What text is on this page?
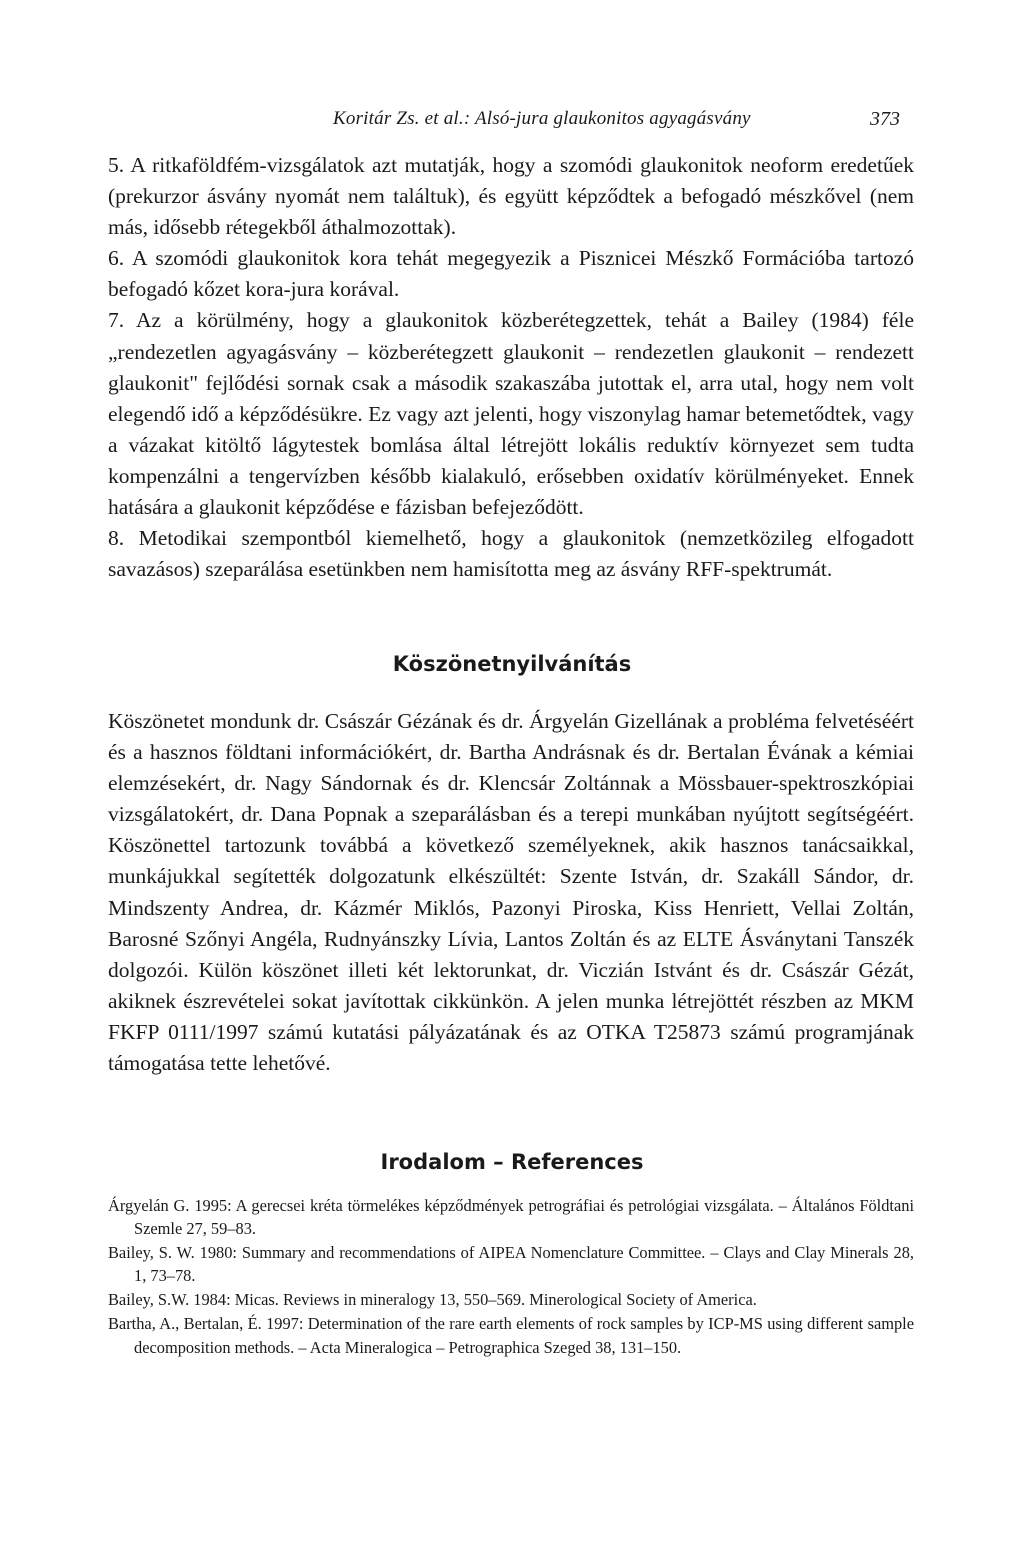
Koritár Zs. et al.: Alsó-jura glaukonitos agyagásvány	373

5. A ritkaföldfém-vizsgálatok azt mutatják, hogy a szomódi glaukonitok neoform eredetűek (prekurzor ásvány nyomát nem találtuk), és együtt képződtek a befogadó mészkővel (nem más, idősebb rétegekből áthalmozottak).

6. A szomódi glaukonitok kora tehát megegyezik a Pisznicei Mészkő Formációba tartozó befogadó kőzet kora-jura korával.

7. Az a körülmény, hogy a glaukonitok közberétegzettek, tehát a Bailey (1984) féle „rendezetlen agyagásvány – közberétegzett glaukonit – rendezetlen glaukonit – rendezett glaukonit" fejlődési sornak csak a második szakaszába jutottak el, arra utal, hogy nem volt elegendő idő a képződésükre. Ez vagy azt jelenti, hogy viszonylag hamar betemetődtek, vagy a vázakat kitöltő lágytestek bomlása által létrejött lokális reduktív környezet sem tudta kompenzálni a tengervízben később kialakuló, erősebben oxidatív körülményeket. Ennek hatására a glaukonit képződése e fázisban befejeződött.

8. Metodikai szempontból kiemelhető, hogy a glaukonitok (nemzetközileg elfogadott savazásos) szeparálása esetünkben nem hamisította meg az ásvány RFF-spektrumát.

Köszönetnyilvánítás

Köszönetet mondunk dr. Császár Gézának és dr. Árgyelán Gizellának a probléma felvetéséért és a hasznos földtani információkért, dr. Bartha Andrásnak és dr. Bertalan Évának a kémiai elemzésekért, dr. Nagy Sándornak és dr. Klencsár Zoltánnak a Mössbauer-spektroszkópiai vizsgálatokért, dr. Dana Popnak a szeparálásban és a terepi munkában nyújtott segítségéért. Köszönettel tartozunk továbbá a következő személyeknek, akik hasznos tanácsaikkal, munkájukkal segítették dolgozatunk elkészültét: Szente István, dr. Szakáll Sándor, dr. Mindszenty Andrea, dr. Kázmér Miklós, Pazonyi Piroska, Kiss Henriett, Vellai Zoltán, Barosné Szőnyi Angéla, Rudnyánszky Lívia, Lantos Zoltán és az ELTE Ásványtani Tanszék dolgozói. Külön köszönet illeti két lektorunkat, dr. Viczián Istvánt és dr. Császár Gézát, akiknek észrevételei sokat javítottak cikkünkön. A jelen munka létrejöttét részben az MKM FKFP 0111/1997 számú kutatási pályázatának és az OTKA T25873 számú programjának támogatása tette lehetővé.

Irodalom – References

Árgyelán G. 1995: A gerecsei kréta törmelékes képződmények petrográfiai és petrológiai vizsgálata. – Általános Földtani Szemle 27, 59–83.

Bailey, S. W. 1980: Summary and recommendations of AIPEA Nomenclature Committee. – Clays and Clay Minerals 28, 1, 73–78.

Bailey, S.W. 1984: Micas. Reviews in mineralogy 13, 550–569. Minerological Society of America.

Bartha, A., Bertalan, É. 1997: Determination of the rare earth elements of rock samples by ICP-MS using different sample decomposition methods. – Acta Mineralogica – Petrographica Szeged 38, 131–150.
